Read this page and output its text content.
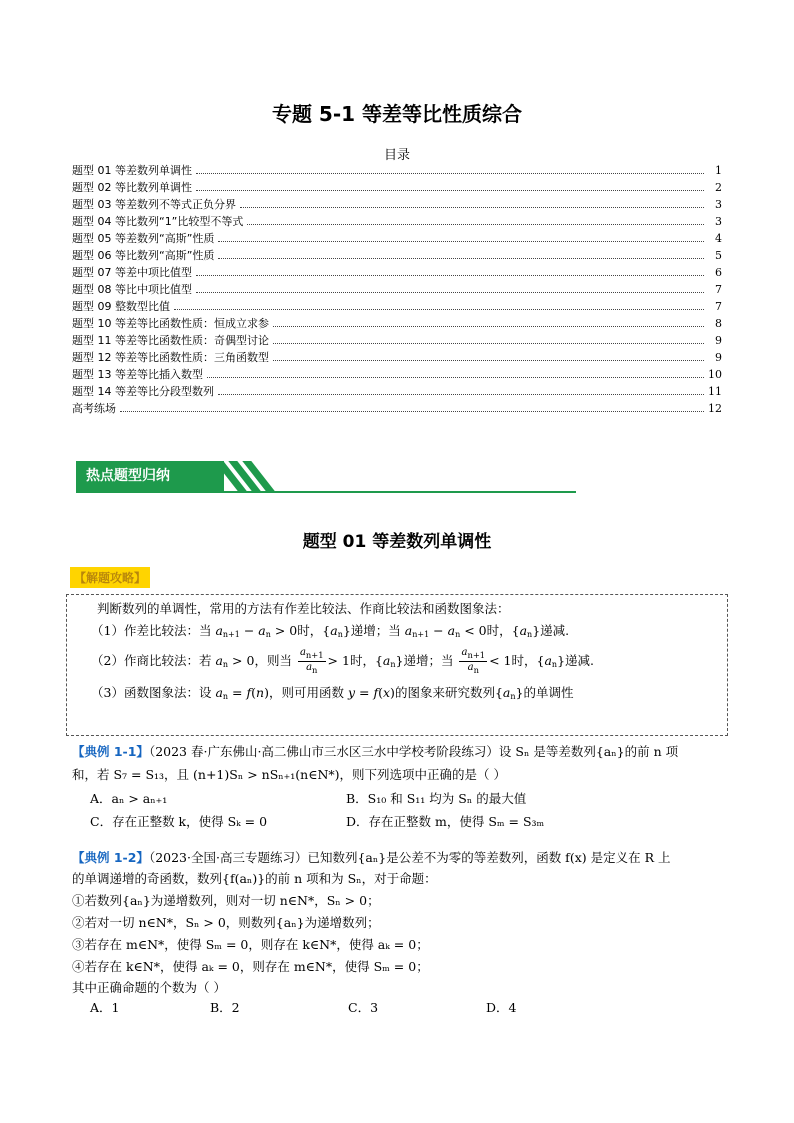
专题 5-1 等差等比性质综合
目录
题型 01 等差数列单调性	1
题型 02 等比数列单调性	2
题型 03 等差数列不等式正负分界	3
题型 04 等比数列“1”比较型不等式	3
题型 05 等差数列“高斯”性质	4
题型 06 等比数列“高斯”性质	5
题型 07 等差中项比值型	6
题型 08 等比中项比值型	7
题型 09 整数型比值	7
题型 10 等差等比函数性质：恒成立求参	8
题型 11 等差等比函数性质：奇偶型讨论	9
题型 12 等差等比函数性质：三角函数型	9
题型 13 等差等比插入数型	10
题型 14 等差等比分段型数列	11
高考练场	12
热点题型归纳
题型 01 等差数列单调性
【解题攻略】

判断数列的单调性，常用的方法有作差比较法、作商比较法和函数图象法：

（1）作差比较法：当 $a_{n+1} - a_n > 0$时，$\{a_n\}$递增；当 $a_{n+1} - a_n < 0$时，$\{a_n\}$递减.

（2）作商比较法：若 $a_n > 0$，则当 $\frac{a_{n+1}}{a_n} > 1$时，$\{a_n\}$递增；当 $\frac{a_{n+1}}{a_n} < 1$时，$\{a_n\}$递减.

（3）函数图象法：设 $a_n = f(n)$，则可用函数 y = f(x)的图象来研究数列$\{a_n\}$的单调性

【典例 1-1】（2023 春·广东佛山·高二佛山市三水区三水中学校考阶段练习）设 Sₙ 是等差数列{aₙ}的前 n 项
和，若 S₇ = S₁₃，且 (n+1)Sₙ > nSₙ₊₁(n∈N*)，则下列选项中正确的是（ ）
A．aₙ > aₙ₊₁	B．S₁₀ 和 S₁₁ 均为 Sₙ 的最大值
C．存在正整数 k，使得 Sₖ = 0	D．存在正整数 m，使得 Sₘ = S₃ₘ
【典例 1-2】（2023·全国·高三专题练习）已知数列{aₙ}是公差不为零的等差数列，函数 f(x) 是定义在 R 上
的单调递增的奇函数，数列{f(aₙ)}的前 n 项和为 Sₙ，对于命题：
①若数列{aₙ}为递增数列，则对一切 n∈N*，Sₙ > 0；
②若对一切 n∈N*，Sₙ > 0，则数列{aₙ}为递增数列；
③若存在 m∈N*，使得 Sₘ = 0，则存在 k∈N*，使得 aₖ = 0；
④若存在 k∈N*，使得 aₖ = 0，则存在 m∈N*，使得 Sₘ = 0；
其中正确命题的个数为（ ）
A．1	B．2	C．3	D．4
